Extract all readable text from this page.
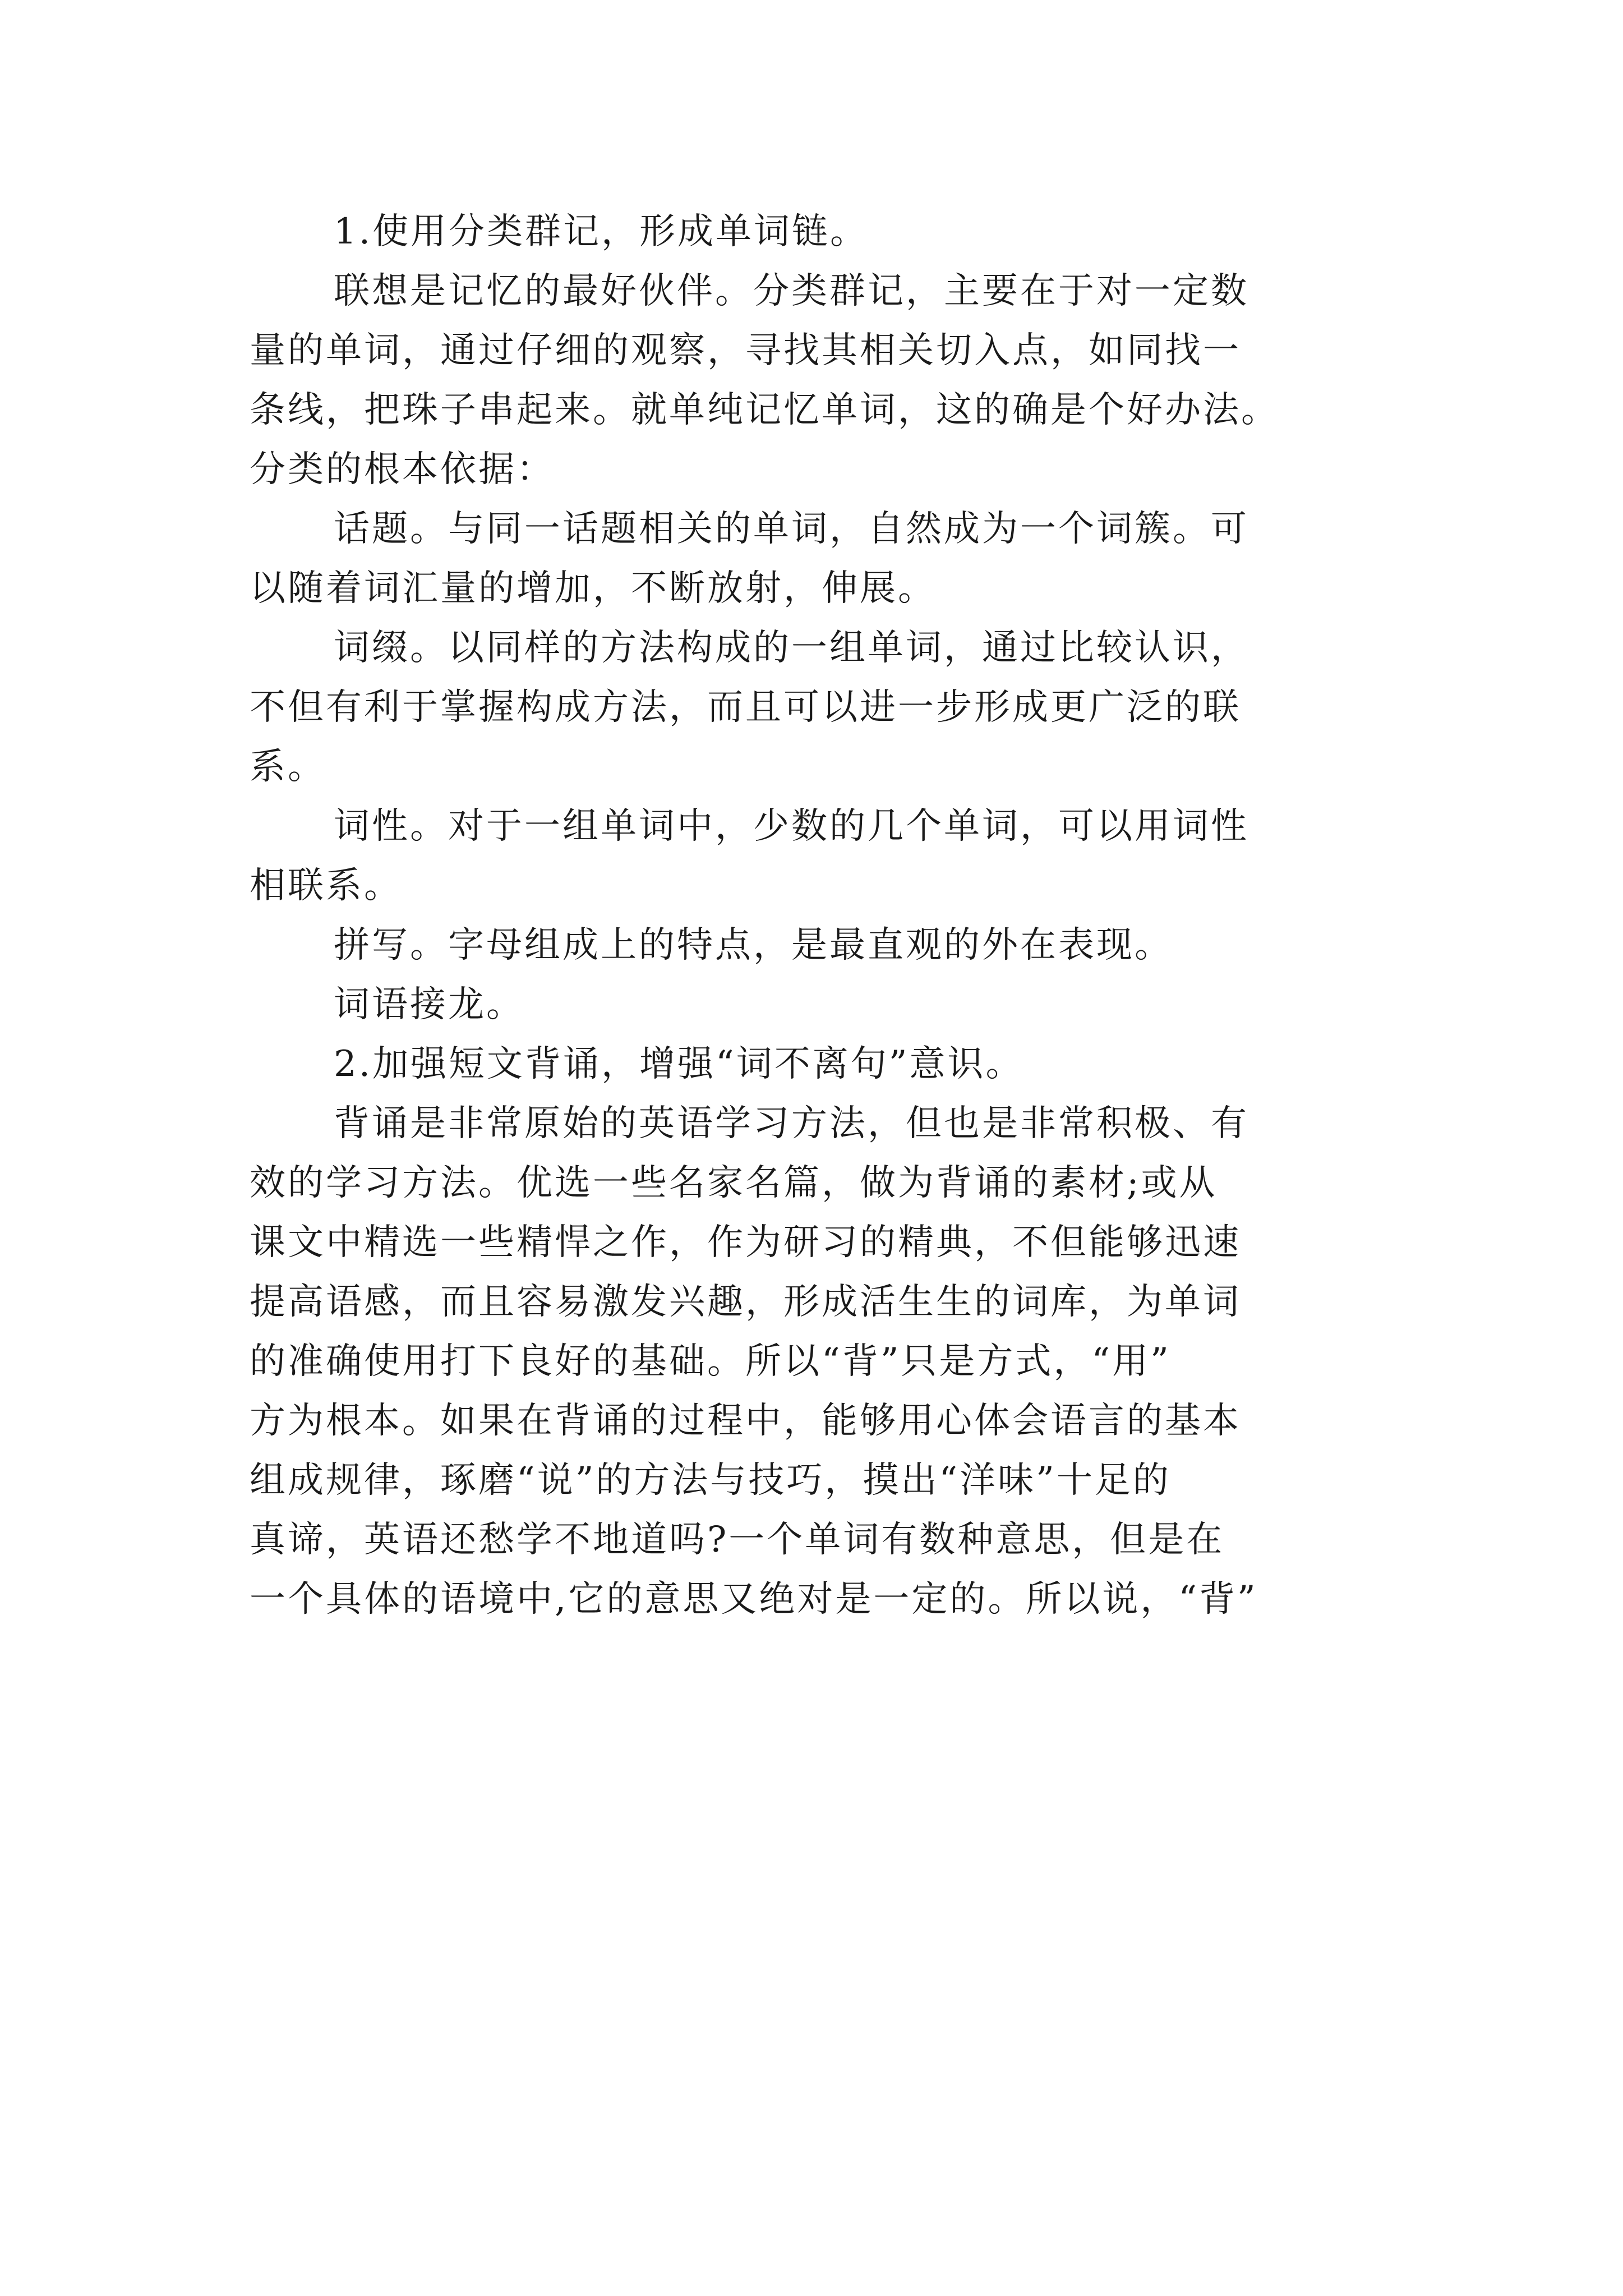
1.使用分类群记，形成单词链。
联想是记忆的最好伙伴。分类群记，主要在于对一定数
量的单词，通过仔细的观察，寻找其相关切入点，如同找一
条线，把珠子串起来。就单纯记忆单词，这的确是个好办法。
分类的根本依据：
话题。与同一话题相关的单词，自然成为一个词簇。可
以随着词汇量的增加，不断放射，伸展。
词缀。以同样的方法构成的一组单词，通过比较认识，
不但有利于掌握构成方法，而且可以进一步形成更广泛的联
系。
词性。对于一组单词中，少数的几个单词，可以用词性
相联系。
拼写。字母组成上的特点，是最直观的外在表现。
词语接龙。
2.加强短文背诵，增强“词不离句”意识。
背诵是非常原始的英语学习方法，但也是非常积极、有
效的学习方法。优选一些名家名篇，做为背诵的素材;或从
课文中精选一些精悍之作，作为研习的精典，不但能够迅速
提高语感，而且容易激发兴趣，形成活生生的词库，为单词
的准确使用打下良好的基础。所以“背”只是方式，“用”
方为根本。如果在背诵的过程中，能够用心体会语言的基本
组成规律，琢磨“说”的方法与技巧，摸出“洋味”十足的
真谛，英语还愁学不地道吗?一个单词有数种意思，但是在
一个具体的语境中,它的意思又绝对是一定的。所以说，“背”
